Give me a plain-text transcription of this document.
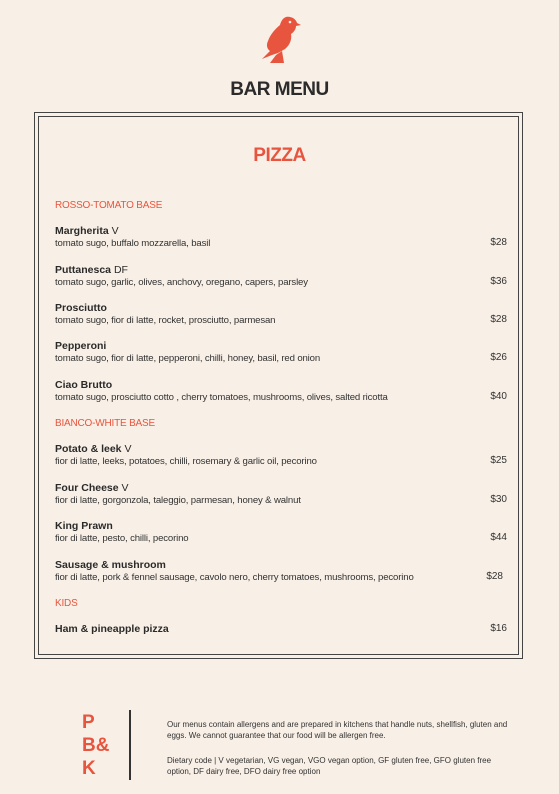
BAR MENU
PIZZA
ROSSO-TOMATO BASE
Margherita V
tomato sugo, buffalo mozzarella, basil	$28
Puttanesca DF
tomato sugo, garlic, olives, anchovy, oregano, capers, parsley	$36
Prosciutto
tomato sugo, fior di latte, rocket, prosciutto, parmesan	$28
Pepperoni
tomato sugo, fior di latte, pepperoni, chilli, honey, basil, red onion	$26
Ciao Brutto
tomato sugo, prosciutto cotto , cherry tomatoes, mushrooms, olives, salted ricotta	$40
BIANCO-WHITE BASE
Potato & leek V
fior di latte, leeks, potatoes, chilli, rosemary & garlic oil, pecorino	$25
Four Cheese V
fior di latte, gorgonzola, taleggio, parmesan, honey & walnut	$30
King Prawn
fior di latte, pesto, chilli, pecorino	$44
Sausage & mushroom
fior di latte, pork & fennel sausage, cavolo nero, cherry tomatoes, mushrooms, pecorino	$28
KIDS
Ham & pineapple pizza	$16
P
B&
K
Our menus contain allergens and are prepared in kitchens that handle nuts, shellfish, gluten and eggs. We cannot guarantee that our food will be allergen free.
Dietary code | V vegetarian, VG vegan, VGO vegan option, GF gluten free, GFO gluten free option, DF dairy free, DFO dairy free option
